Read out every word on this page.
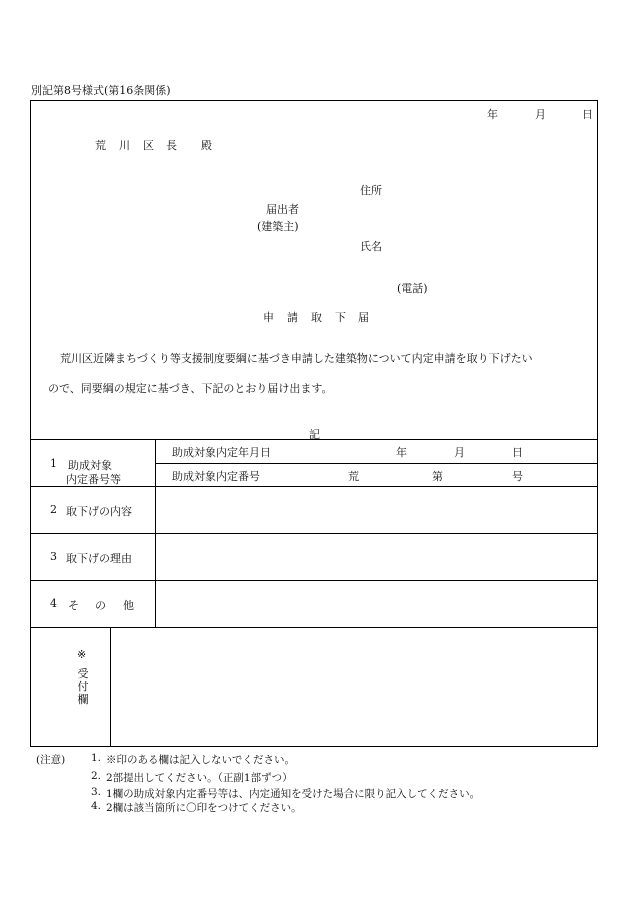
別記第8号様式(第16条関係)
年	月	日
荒 川 区 長 殿
住所
届出者
(建築主)
氏名
(電話)
申 請 取 下 届
荒川区近隣まちづくり等支援制度要綱に基づき申請した建築物について内定申請を取り下げたい
ので、同要綱の規定に基づき、下記のとおり届け出ます。
記
1 助成対象
内定番号等
助成対象内定年月日	年	月	日
助成対象内定番号	荒	第	号
2 取下げの内容
3 取下げの理由
4 そ の 他
※
受
付
欄
(注意) 1. ※印のある欄は記入しないでください。
2. 2部提出してください。（正副1部ずつ）
3. 1欄の助成対象内定番号等は、内定通知を受けた場合に限り記入してください。
4. 2欄は該当箇所に〇印をつけてください。
